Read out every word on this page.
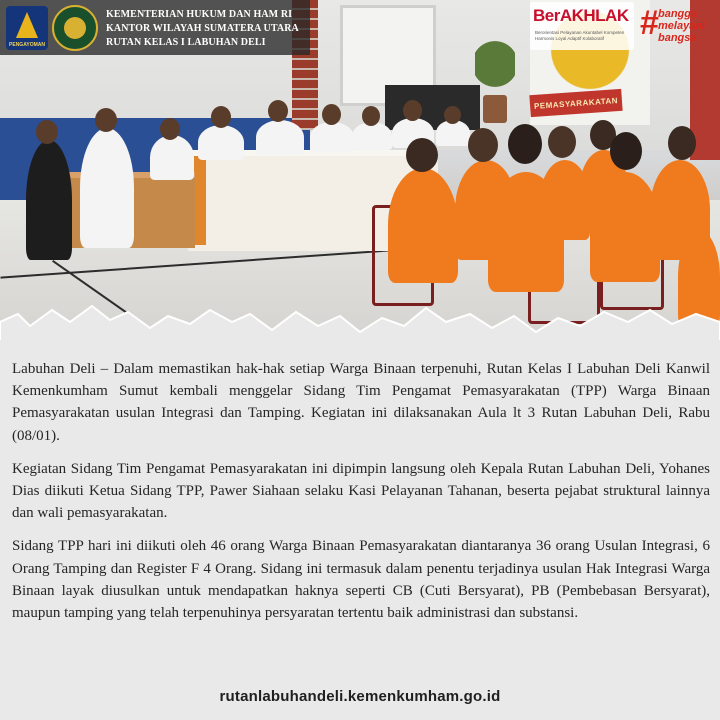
PEMASYARAKATAN
PENGAYOMAN
KEMENTERIAN HUKUM DAN HAM RI
KANTOR WILAYAH SUMATERA UTARA
RUTAN KELAS I LABUHAN DELI
BerAKHLAK
Berorientasi Pelayanan Akuntabel Kompeten Harmonis Loyal Adaptif Kolaboratif	# bangga
melayani
bangsa

Labuhan Deli – Dalam memastikan hak-hak setiap Warga Binaan terpenuhi, Rutan Kelas I Labuhan Deli Kanwil Kemenkumham Sumut kembali menggelar Sidang Tim Pengamat Pemasyarakatan (TPP) Warga Binaan Pemasyarakatan usulan Integrasi dan Tamping. Kegiatan ini dilaksanakan Aula lt 3 Rutan Labuhan Deli, Rabu (08/01).

Kegiatan Sidang Tim Pengamat Pemasyarakatan ini dipimpin langsung oleh Kepala Rutan Labuhan Deli, Yohanes Dias diikuti Ketua Sidang TPP, Pawer Siahaan selaku Kasi Pelayanan Tahanan, beserta pejabat struktural lainnya dan wali pemasyarakatan.

Sidang TPP hari ini diikuti oleh 46 orang Warga Binaan Pemasyarakatan diantaranya 36 orang Usulan Integrasi, 6 Orang Tamping dan Register F 4 Orang. Sidang ini termasuk dalam penentu terjadinya usulan Hak Integrasi Warga Binaan layak diusulkan untuk mendapatkan haknya seperti CB (Cuti Bersyarat), PB (Pembebasan Bersyarat), maupun tamping yang telah terpenuhinya persyaratan tertentu baik administrasi dan substansi.

rutanlabuhandeli.kemenkumham.go.id
